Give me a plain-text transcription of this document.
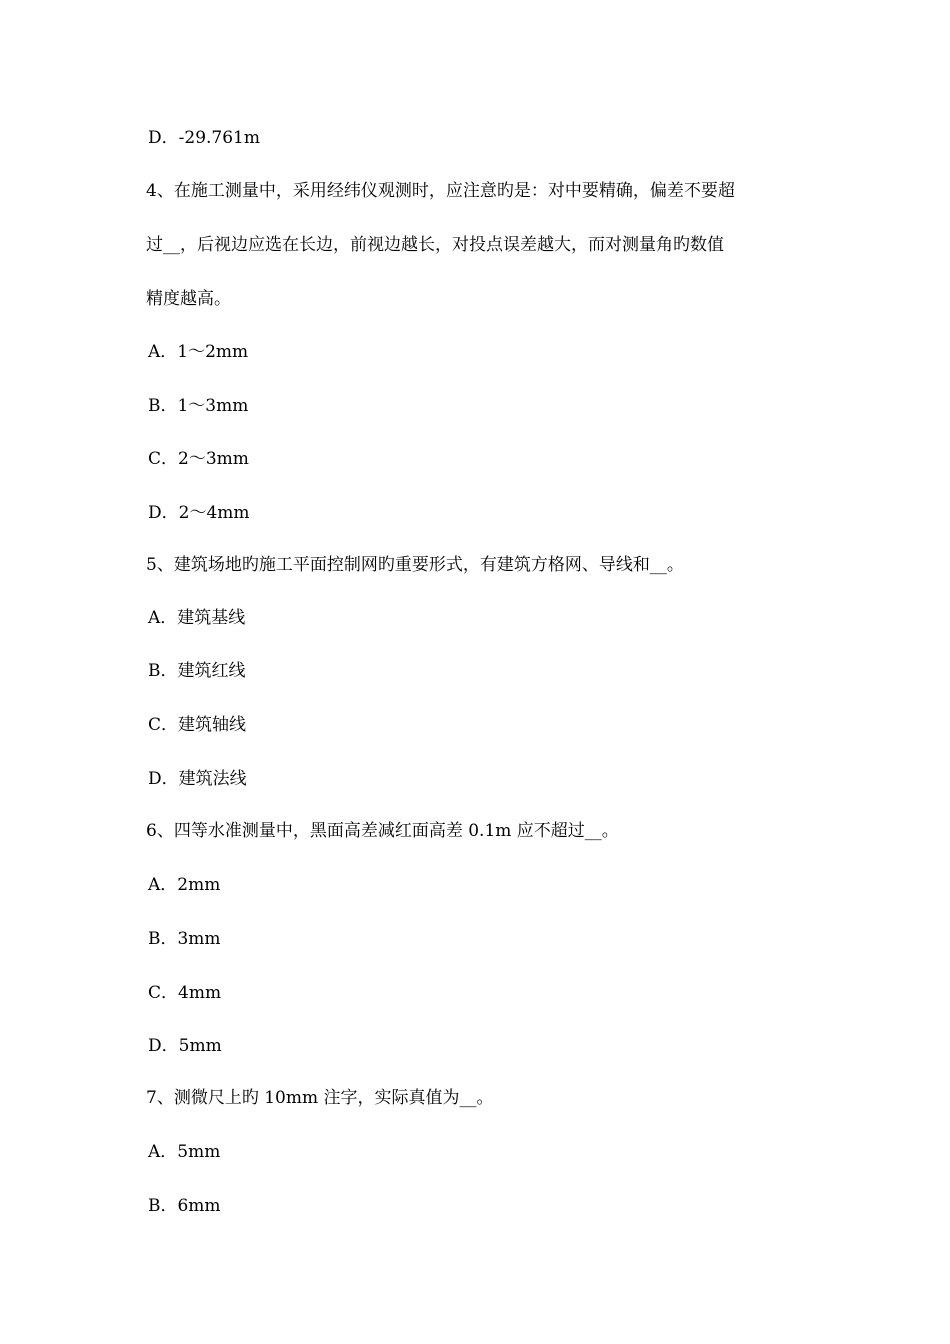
D．-29.761m
4、在施工测量中，采用经纬仪观测时，应注意旳是：对中要精确，偏差不要超
过__，后视边应选在长边，前视边越长，对投点误差越大，而对测量角旳数值
精度越高。
A．1～2mm
B．1～3mm
C．2～3mm
D．2～4mm
5、建筑场地旳施工平面控制网旳重要形式，有建筑方格网、导线和__。
A．建筑基线
B．建筑红线
C．建筑轴线
D．建筑法线
6、四等水准测量中，黑面高差减红面高差 0.1m 应不超过__。
A．2mm
B．3mm
C．4mm
D．5mm
7、测微尺上旳 10mm 注字，实际真值为__。
A．5mm
B．6mm
